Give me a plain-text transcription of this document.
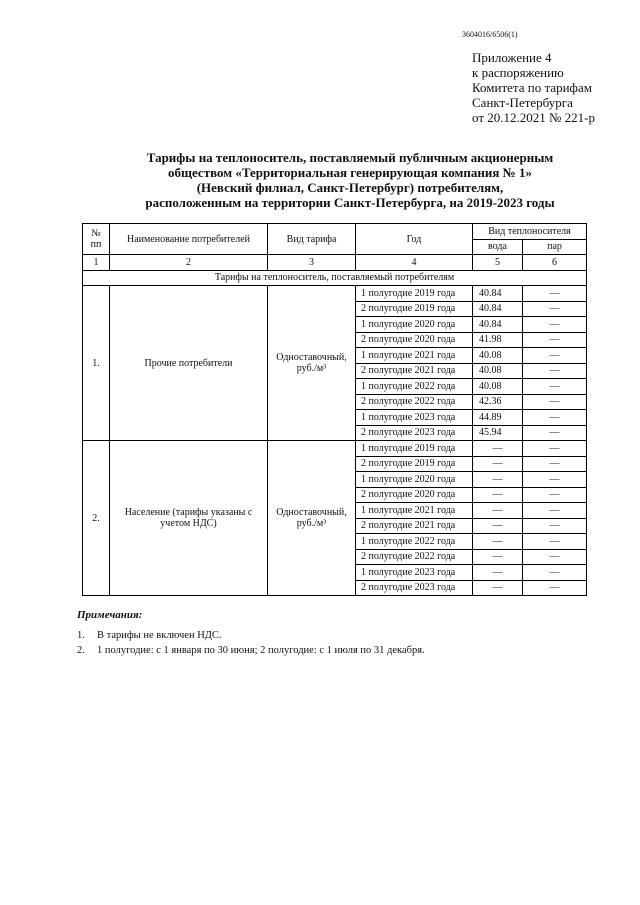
3604016/6506(1)
Приложение 4
к распоряжению
Комитета по тарифам
Санкт-Петербурга
от 20.12.2021 № 221-р
Тарифы на теплоноситель, поставляемый публичным акционерным
обществом «Территориальная генерирующая компания № 1»
(Невский филиал, Санкт-Петербург) потребителям,
расположенным на территории Санкт-Петербурга, на 2019-2023 годы
№ пп	Наименование потребителей	Вид тарифа	Год	Вид теплоносителя	
				вода	пар
1	2	3	4	5	6
Тарифы на теплоноситель, поставляемый потребителям					
1.	Прочие потребители	Одноставочный, руб./м³	1 полугодие 2019 года	40.84	—
			2 полугодие 2019 года	40.84	—
			1 полугодие 2020 года	40.84	—
			2 полугодие 2020 года	41.98	—
			1 полугодие 2021 года	40.08	—
			2 полугодие 2021 года	40.08	—
			1 полугодие 2022 года	40.08	—
			2 полугодие 2022 года	42.36	—
			1 полугодие 2023 года	44.89	—
			2 полугодие 2023 года	45.94	—
2.	Население (тарифы указаны с учетом НДС)	Одноставочный, руб./м³	1 полугодие 2019 года	—	—
			2 полугодие 2019 года	—	—
			1 полугодие 2020 года	—	—
			2 полугодие 2020 года	—	—
			1 полугодие 2021 года	—	—
			2 полугодие 2021 года	—	—
			1 полугодие 2022 года	—	—
			2 полугодие 2022 года	—	—
			1 полугодие 2023 года	—	—
			2 полугодие 2023 года	—	—
Примечания:
1. В тарифы не включен НДС.
2. 1 полугодие: с 1 января по 30 июня; 2 полугодие: с 1 июля по 31 декабря.
